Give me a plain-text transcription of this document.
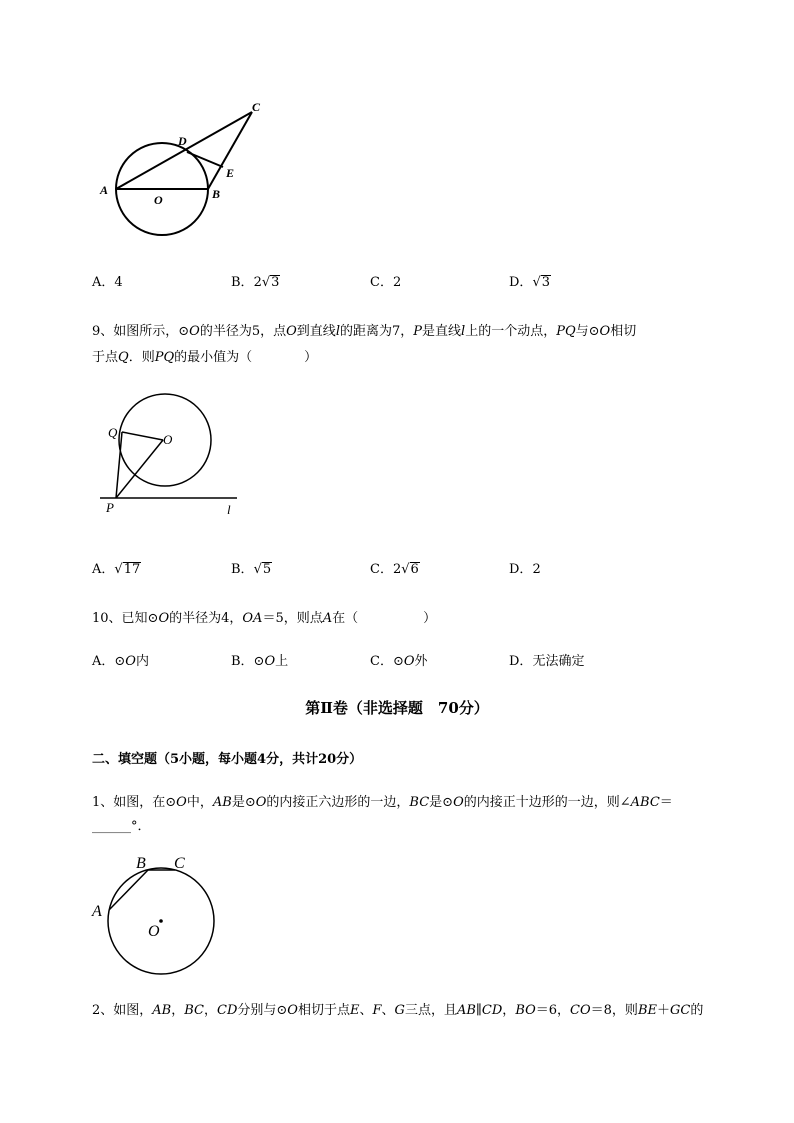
A
O	B
C
D
E
A．4	B．2√3	C．2	D．√3
9、如图所示，⊙O的半径为5，点O到直线l的距离为7，P是直线l上的一个动点，PQ与⊙O相切
于点Q．则PQ的最小值为（　　　　）
Q	O
P	l
A．√17	B．√5	C．2√6	D．2
10、已知⊙O的半径为4，OA＝5，则点A在（　　　　　）
A．⊙O内	B．⊙O上	C．⊙O外	D．无法确定
第Ⅱ卷（非选择题　70分）
二、填空题（5小题，每小题4分，共计20分）
1、如图，在⊙O中，AB是⊙O的内接正六边形的一边，BC是⊙O的内接正十边形的一边，则∠ABC＝
______°．
A
B C
O
2、如图，AB，BC，CD分别与⊙O相切于点E、F、G三点，且AB∥CD，BO＝6，CO＝8，则BE＋GC的
